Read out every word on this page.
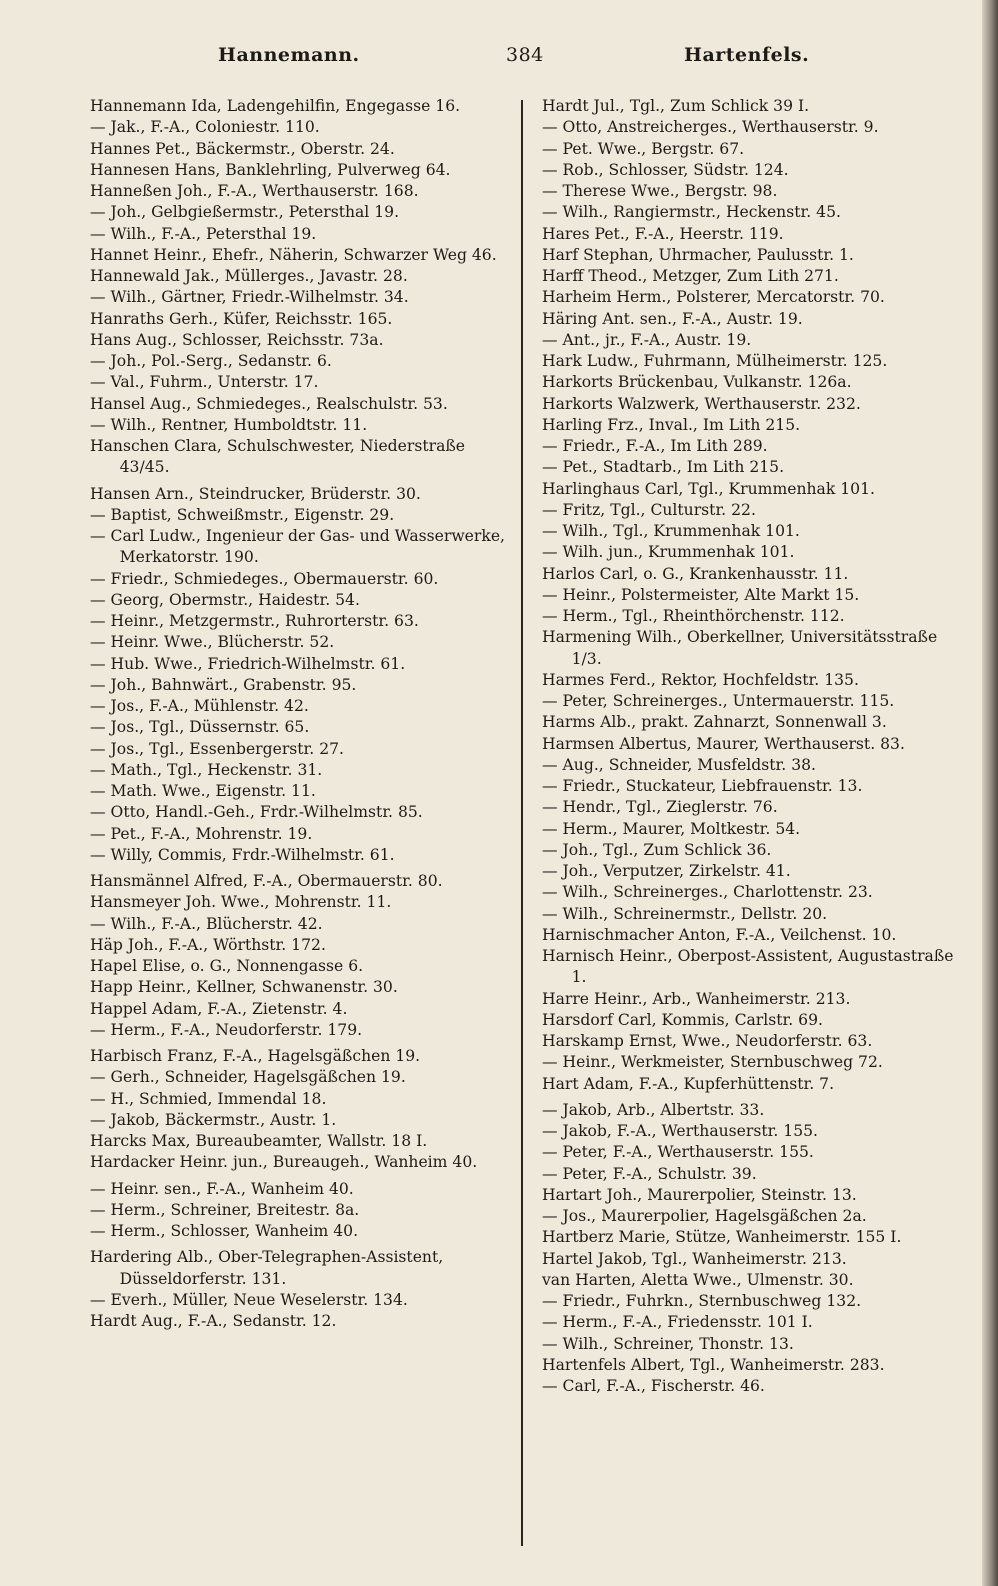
Hannemann.	384	Hartenfels.
Hannemann Ida, Ladengehilfin, Engegasse 16.
— Jak., F.-A., Coloniestr. 110.
Hannes Pet., Bäckermstr., Oberstr. 24.
Hannesen Hans, Banklehrling, Pulverweg 64.
Hanneßen Joh., F.-A., Werthauserstr. 168.
— Joh., Gelbgießermstr., Petersthal 19.
— Wilh., F.-A., Petersthal 19.
Hannet Heinr., Ehefr., Näherin, Schwarzer Weg 46.
Hannewald Jak., Müllerges., Javastr. 28.
— Wilh., Gärtner, Friedr.-Wilhelmstr. 34.
Hanraths Gerh., Küfer, Reichsstr. 165.
Hans Aug., Schlosser, Reichsstr. 73a.
— Joh., Pol.-Serg., Sedanstr. 6.
— Val., Fuhrm., Unterstr. 17.
Hansel Aug., Schmiedeges., Realschulstr. 53.
— Wilh., Rentner, Humboldtstr. 11.
Hanschen Clara, Schulschwester, Niederstraße 43/45.
Hansen Arn., Steindrucker, Brüderstr. 30.
— Baptist, Schweißmstr., Eigenstr. 29.
— Carl Ludw., Ingenieur der Gas- und Wasserwerke, Merkatorstr. 190.
— Friedr., Schmiedeges., Obermauerstr. 60.
— Georg, Obermstr., Haidestr. 54.
— Heinr., Metzgermstr., Ruhrorterstr. 63.
— Heinr. Wwe., Blücherstr. 52.
— Hub. Wwe., Friedrich-Wilhelmstr. 61.
— Joh., Bahnwärt., Grabenstr. 95.
— Jos., F.-A., Mühlenstr. 42.
— Jos., Tgl., Düssernstr. 65.
— Jos., Tgl., Essenbergerstr. 27.
— Math., Tgl., Heckenstr. 31.
— Math. Wwe., Eigenstr. 11.
— Otto, Handl.-Geh., Frdr.-Wilhelmstr. 85.
— Pet., F.-A., Mohrenstr. 19.
— Willy, Commis, Frdr.-Wilhelmstr. 61.
Hansmännel Alfred, F.-A., Obermauerstr. 80.
Hansmeyer Joh. Wwe., Mohrenstr. 11.
— Wilh., F.-A., Blücherstr. 42.
Häp Joh., F.-A., Wörthstr. 172.
Hapel Elise, o. G., Nonnengasse 6.
Happ Heinr., Kellner, Schwanenstr. 30.
Happel Adam, F.-A., Zietenstr. 4.
— Herm., F.-A., Neudorferstr. 179.
Harbisch Franz, F.-A., Hagelsgäßchen 19.
— Gerh., Schneider, Hagelsgäßchen 19.
— H., Schmied, Immendal 18.
— Jakob, Bäckermstr., Austr. 1.
Harcks Max, Bureaubeamter, Wallstr. 18 I.
Hardacker Heinr. jun., Bureaugeh., Wanheim 40.
— Heinr. sen., F.-A., Wanheim 40.
— Herm., Schreiner, Breitestr. 8a.
— Herm., Schlosser, Wanheim 40.
Hardering Alb., Ober-Telegraphen-Assistent, Düsseldorferstr. 131.
— Everh., Müller, Neue Weselerstr. 134.
Hardt Aug., F.-A., Sedanstr. 12.
Hardt Jul., Tgl., Zum Schlick 39 I.
— Otto, Anstreicherges., Werthauserstr. 9.
— Pet. Wwe., Bergstr. 67.
— Rob., Schlosser, Südstr. 124.
— Therese Wwe., Bergstr. 98.
— Wilh., Rangiermstr., Heckenstr. 45.
Hares Pet., F.-A., Heerstr. 119.
Harf Stephan, Uhrmacher, Paulusstr. 1.
Harff Theod., Metzger, Zum Lith 271.
Harheim Herm., Polsterer, Mercatorstr. 70.
Häring Ant. sen., F.-A., Austr. 19.
— Ant., jr., F.-A., Austr. 19.
Hark Ludw., Fuhrmann, Mülheimerstr. 125.
Harkorts Brückenbau, Vulkanstr. 126a.
Harkorts Walzwerk, Werthauserstr. 232.
Harling Frz., Inval., Im Lith 215.
— Friedr., F.-A., Im Lith 289.
— Pet., Stadtarb., Im Lith 215.
Harlinghaus Carl, Tgl., Krummenhak 101.
— Fritz, Tgl., Culturstr. 22.
— Wilh., Tgl., Krummenhak 101.
— Wilh. jun., Krummenhak 101.
Harlos Carl, o. G., Krankenhausstr. 11.
— Heinr., Polstermeister, Alte Markt 15.
— Herm., Tgl., Rheinthörchenstr. 112.
Harmening Wilh., Oberkellner, Universitätsstraße 1/3.
Harmes Ferd., Rektor, Hochfeldstr. 135.
— Peter, Schreinerges., Untermauerstr. 115.
Harms Alb., prakt. Zahnarzt, Sonnenwall 3.
Harmsen Albertus, Maurer, Werthauserst. 83.
— Aug., Schneider, Musfeldstr. 38.
— Friedr., Stuckateur, Liebfrauenstr. 13.
— Hendr., Tgl., Zieglerstr. 76.
— Herm., Maurer, Moltkestr. 54.
— Joh., Tgl., Zum Schlick 36.
— Joh., Verputzer, Zirkelstr. 41.
— Wilh., Schreinerges., Charlottenstr. 23.
— Wilh., Schreinermstr., Dellstr. 20.
Harnischmacher Anton, F.-A., Veilchenst. 10.
Harnisch Heinr., Oberpost-Assistent, Augustastraße 1.
Harre Heinr., Arb., Wanheimerstr. 213.
Harsdorf Carl, Kommis, Carlstr. 69.
Harskamp Ernst, Wwe., Neudorferstr. 63.
— Heinr., Werkmeister, Sternbuschweg 72.
Hart Adam, F.-A., Kupferhüttenstr. 7.
— Jakob, Arb., Albertstr. 33.
— Jakob, F.-A., Werthauserstr. 155.
— Peter, F.-A., Werthauserstr. 155.
— Peter, F.-A., Schulstr. 39.
Hartart Joh., Maurerpolier, Steinstr. 13.
— Jos., Maurerpolier, Hagelsgäßchen 2a.
Hartberz Marie, Stütze, Wanheimerstr. 155 I.
Hartel Jakob, Tgl., Wanheimerstr. 213.
van Harten, Aletta Wwe., Ulmenstr. 30.
— Friedr., Fuhrkn., Sternbuschweg 132.
— Herm., F.-A., Friedensstr. 101 I.
— Wilh., Schreiner, Thonstr. 13.
Hartenfels Albert, Tgl., Wanheimerstr. 283.
— Carl, F.-A., Fischerstr. 46.
